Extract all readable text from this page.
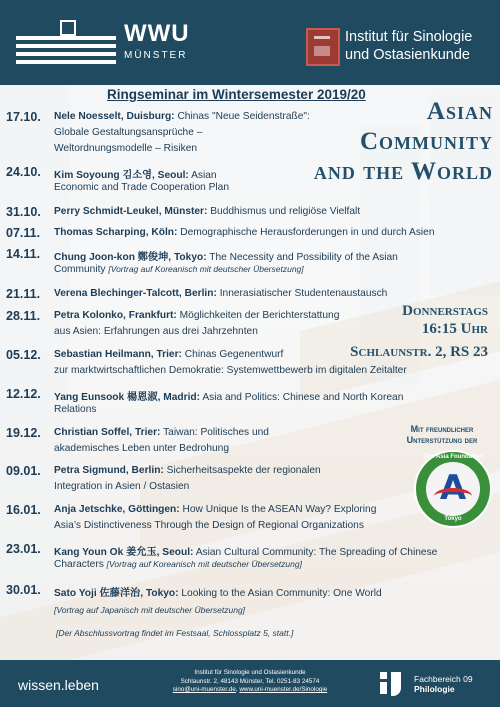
WWU
MÜNSTER
Institut für Sinologie
und Ostasienkunde
Ringseminar im Wintersemester 2019/20
Asian
Community
and the World
17.10. Nele Noesselt, Duisburg: Chinas "Neue Seidenstraße":
Globale Gestaltungsansprüche –
Weltordnungsmodelle – Risiken
24.10. Kim Soyoung 김소영, Seoul: Asian
Economic and Trade Cooperation Plan
31.10. Perry Schmidt-Leukel, Münster: Buddhismus und religiöse Vielfalt
07.11. Thomas Scharping, Köln: Demographische Herausforderungen in und durch Asien
14.11. Chung Joon-kon 鄭俊坤, Tokyo: The Necessity and Possibility of the Asian
Community [Vortrag auf Koreanisch mit deutscher Übersetzung]
21.11. Verena Blechinger-Talcott, Berlin: Innerasiatischer Studentenaustausch
28.11. Petra Kolonko, Frankfurt: Möglichkeiten der Berichterstattung
aus Asien: Erfahrungen aus drei Jahrzehnten
05.12. Sebastian Heilmann, Trier: Chinas Gegenentwurf
zur marktwirtschaftlichen Demokratie: Systemwettbewerb im digitalen Zeitalter
12.12. Yang Eunsook 楊恩淑, Madrid: Asia and Politics: Chinese and North Korean
Relations
19.12. Christian Soffel, Trier: Taiwan: Politisches und
akademisches Leben unter Bedrohung
09.01. Petra Sigmund, Berlin: Sicherheitsaspekte der regionalen
Integration in Asien / Ostasien
16.01. Anja Jetschke, Göttingen: How Unique Is the ASEAN Way? Exploring
Asia’s Distinctiveness Through the Design of Regional Organizations
23.01. Kang Youn Ok 姜允玉, Seoul: Asian Cultural Community: The Spreading of Chinese
Characters [Vortrag auf Koreanisch mit deutscher Übersetzung]
30.01. Sato Yoji 佐藤洋治, Tokyo: Looking to the Asian Community: One World
[Vortrag auf Japanisch mit deutscher Übersetzung]
Donnerstags
16:15 Uhr
Schlaunstr. 2, RS 23
Mit freundlicher
Unterstützung der
One Asia Foundation
A
Tokyo
[Der Abschlussvortrag findet im Festsaal, Schlossplatz 5, statt.]
wissen.leben
Institut für Sinologie und Ostasienkunde
Schlaunstr. 2, 48143 Münster, Tel. 0251-83 24574
sino@uni-muenster.de, www.uni-muenster.de/Sinologie
Fachbereich 09
Philologie
